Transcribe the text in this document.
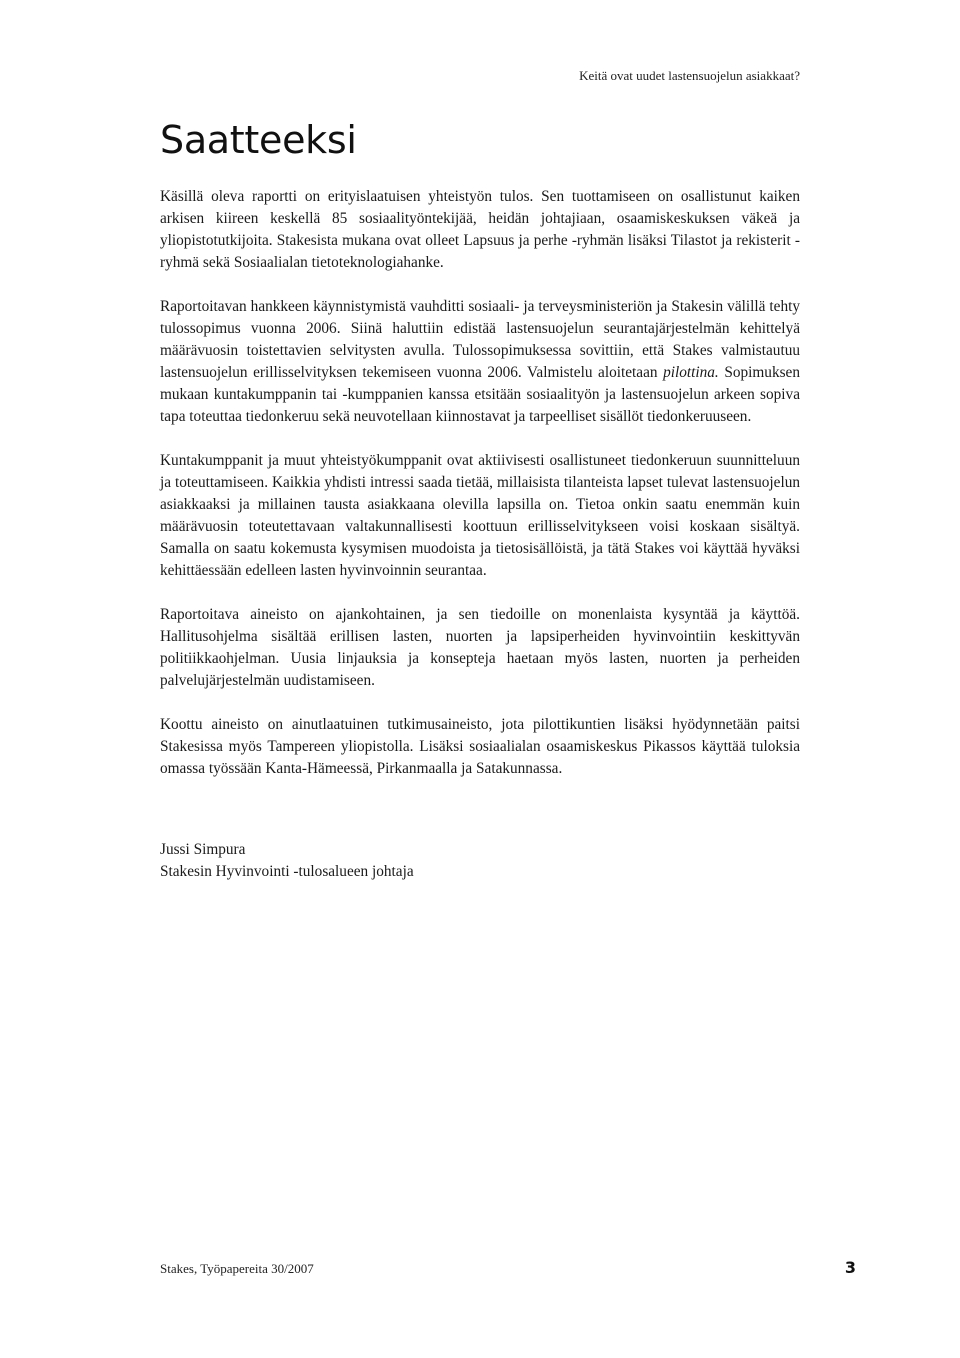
Keitä ovat uudet lastensuojelun asiakkaat?
Saatteeksi

Käsillä oleva raportti on erityislaatuisen yhteistyön tulos. Sen tuottamiseen on osallistunut kaiken arkisen kiireen keskellä 85 sosiaalityöntekijää, heidän johtajiaan, osaamiskeskuksen väkeä ja yliopistotutkijoita. Stakesista mukana ovat olleet Lapsuus ja perhe -ryhmän lisäksi Tilastot ja rekisterit -ryhmä sekä Sosiaalialan tietoteknologiahanke.

Raportoitavan hankkeen käynnistymistä vauhditti sosiaali- ja terveysministeriön ja Stakesin välillä tehty tulossopimus vuonna 2006. Siinä haluttiin edistää lastensuojelun seurantajärjestelmän kehittelyä määrävuosin toistettavien selvitysten avulla. Tulossopimuksessa sovittiin, että Stakes valmistautuu lastensuojelun erillisselvityksen tekemiseen vuonna 2006. Valmistelu aloitetaan pilottina. Sopimuksen mukaan kuntakumppanin tai -kumppanien kanssa etsitään sosiaalityön ja lastensuojelun arkeen sopiva tapa toteuttaa tiedonkeruu sekä neuvotellaan kiinnostavat ja tarpeelliset sisällöt tiedonkeruuseen.

Kuntakumppanit ja muut yhteistyökumppanit ovat aktiivisesti osallistuneet tiedonkeruun suunnitteluun ja toteuttamiseen. Kaikkia yhdisti intressi saada tietää, millaisista tilanteista lapset tulevat lastensuojelun asiakkaaksi ja millainen tausta asiakkaana olevilla lapsilla on. Tietoa onkin saatu enemmän kuin määrävuosin toteutettavaan valtakunnallisesti koottuun erillisselvitykseen voisi koskaan sisältyä. Samalla on saatu kokemusta kysymisen muodoista ja tietosisällöistä, ja tätä Stakes voi käyttää hyväksi kehittäessään edelleen lasten hyvinvoinnin seurantaa.

Raportoitava aineisto on ajankohtainen, ja sen tiedoille on monenlaista kysyntää ja käyttöä. Hallitusohjelma sisältää erillisen lasten, nuorten ja lapsiperheiden hyvinvointiin keskittyvän politiikkaohjelman. Uusia linjauksia ja konsepteja haetaan myös lasten, nuorten ja perheiden palvelujärjestelmän uudistamiseen.

Koottu aineisto on ainutlaatuinen tutkimusaineisto, jota pilottikuntien lisäksi hyödynnetään paitsi Stakesissa myös Tampereen yliopistolla. Lisäksi sosiaalialan osaamiskeskus Pikassos käyttää tuloksia omassa työssään Kanta-Hämeessä, Pirkanmaalla ja Satakunnassa.

Jussi Simpura
Stakesin Hyvinvointi -tulosalueen johtaja
Stakes, Työpapereita 30/2007	3
